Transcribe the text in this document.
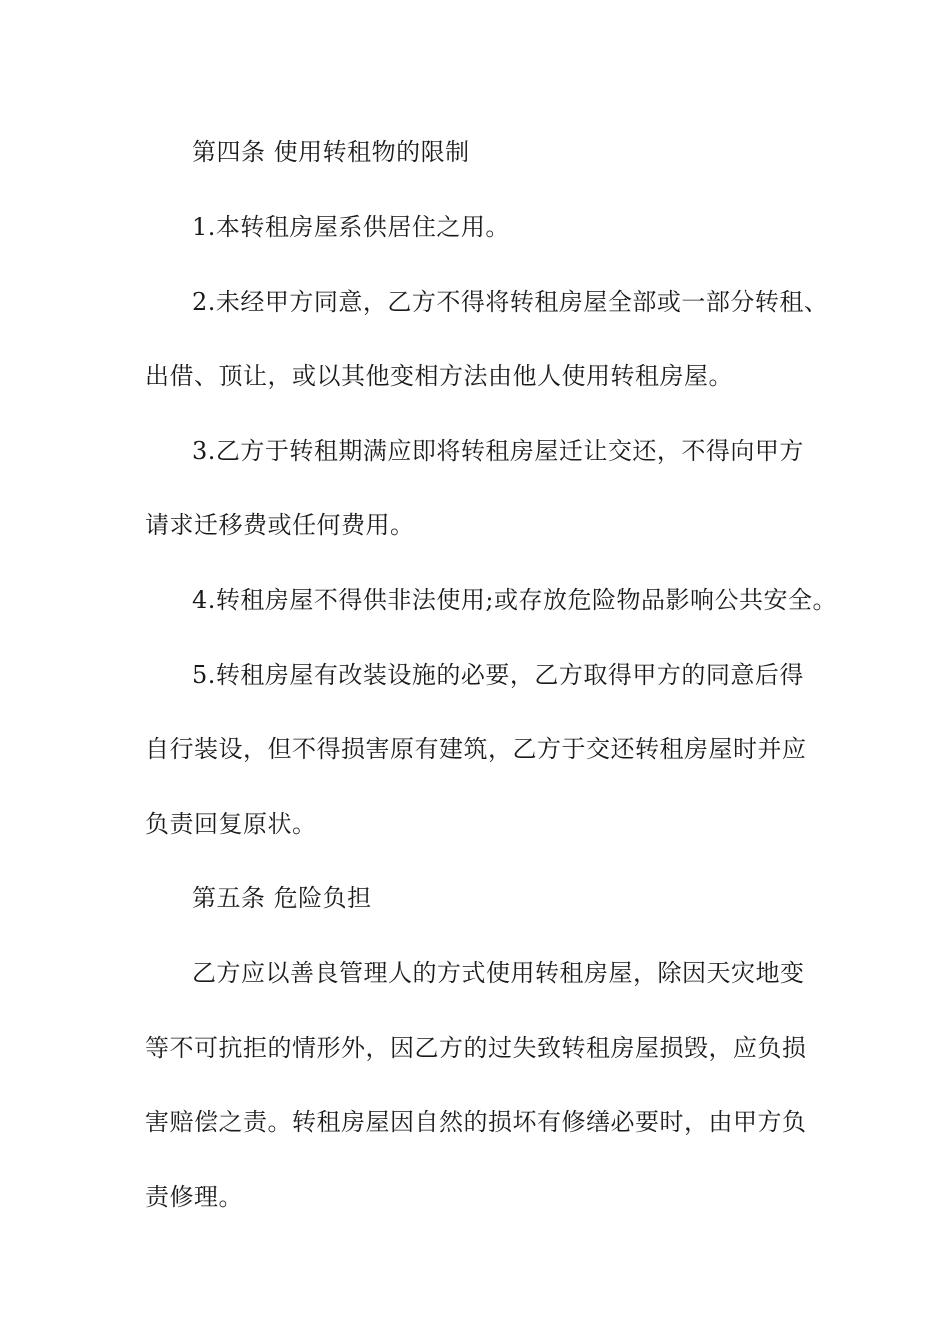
第四条 使用转租物的限制
1.本转租房屋系供居住之用。
2.未经甲方同意，乙方不得将转租房屋全部或一部分转租、
出借、顶让，或以其他变相方法由他人使用转租房屋。
3.乙方于转租期满应即将转租房屋迁让交还，不得向甲方
请求迁移费或任何费用。
4.转租房屋不得供非法使用;或存放危险物品影响公共安全。
5.转租房屋有改装设施的必要，乙方取得甲方的同意后得
自行装设，但不得损害原有建筑，乙方于交还转租房屋时并应
负责回复原状。
第五条 危险负担
乙方应以善良管理人的方式使用转租房屋，除因天灾地变
等不可抗拒的情形外，因乙方的过失致转租房屋损毁，应负损
害赔偿之责。转租房屋因自然的损坏有修缮必要时，由甲方负
责修理。
